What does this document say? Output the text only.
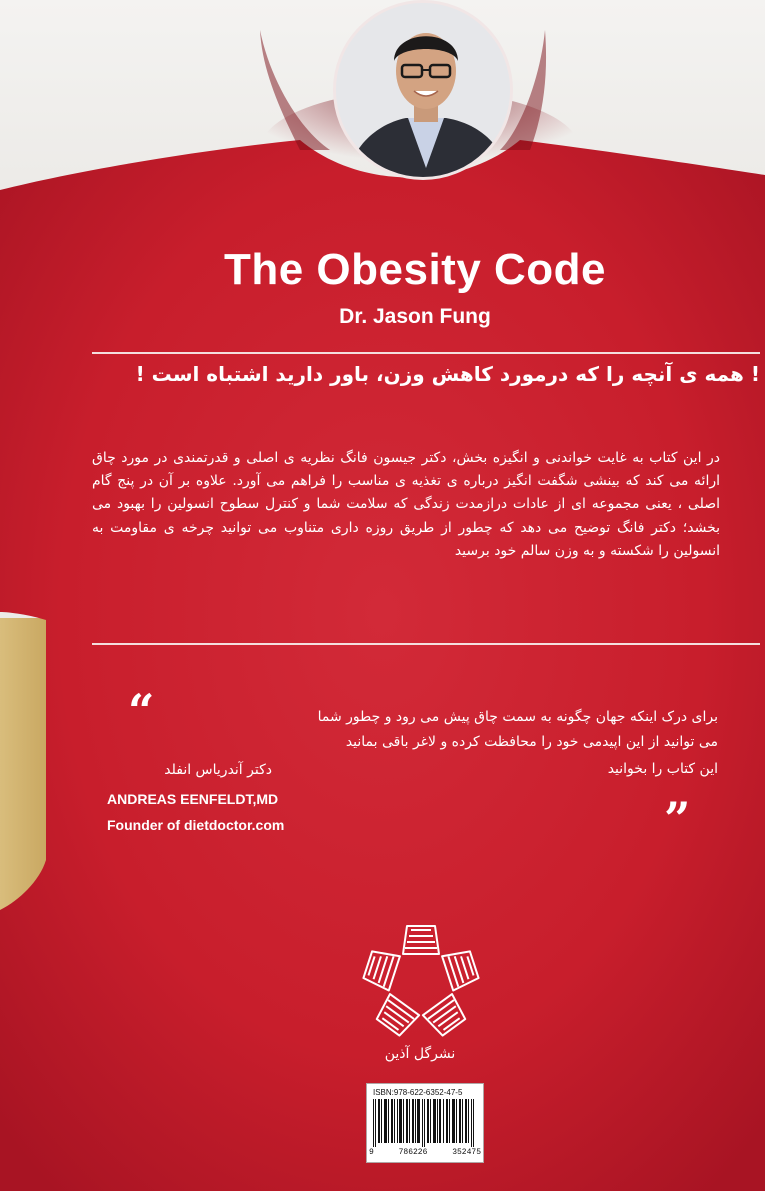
The Obesity Code
Dr. Jason Fung
! همه ی آنچه را که درمورد کاهش وزن، باور دارید اشتباه است !
در این کتاب به غایت خواندنی و انگیزه بخش، دکتر جیسون فانگ نظریه ی اصلی و قدرتمندی در مورد چاق ارائه می کند که بینشی شگفت انگیز درباره ی تغذیه ی مناسب را فراهم می آورد. علاوه بر آن در پنج گام اصلی ، یعنی مجموعه ای از عادات درازمدت زندگی که سلامت شما و کنترل سطوح انسولین را بهبود می بخشد؛ دکتر فانگ توضیح می دهد که چطور از طریق روزه داری متناوب می توانید چرخه ی مقاومت به انسولین را شکسته و به وزن سالم خود برسید
“	برای درک اینکه جهان چگونه به سمت چاق پیش می رود و چطور شما
می توانید از این اپیدمی خود را محافظت کرده و لاغر باقی بمانید
این کتاب را بخوانید
دکتر آندریاس انفلد
ANDREAS EENFELDT,MD
Founder of dietdoctor.com	”
نشرگل آذین
ISBN:978-622-6352-47-5
9	786226	352475
